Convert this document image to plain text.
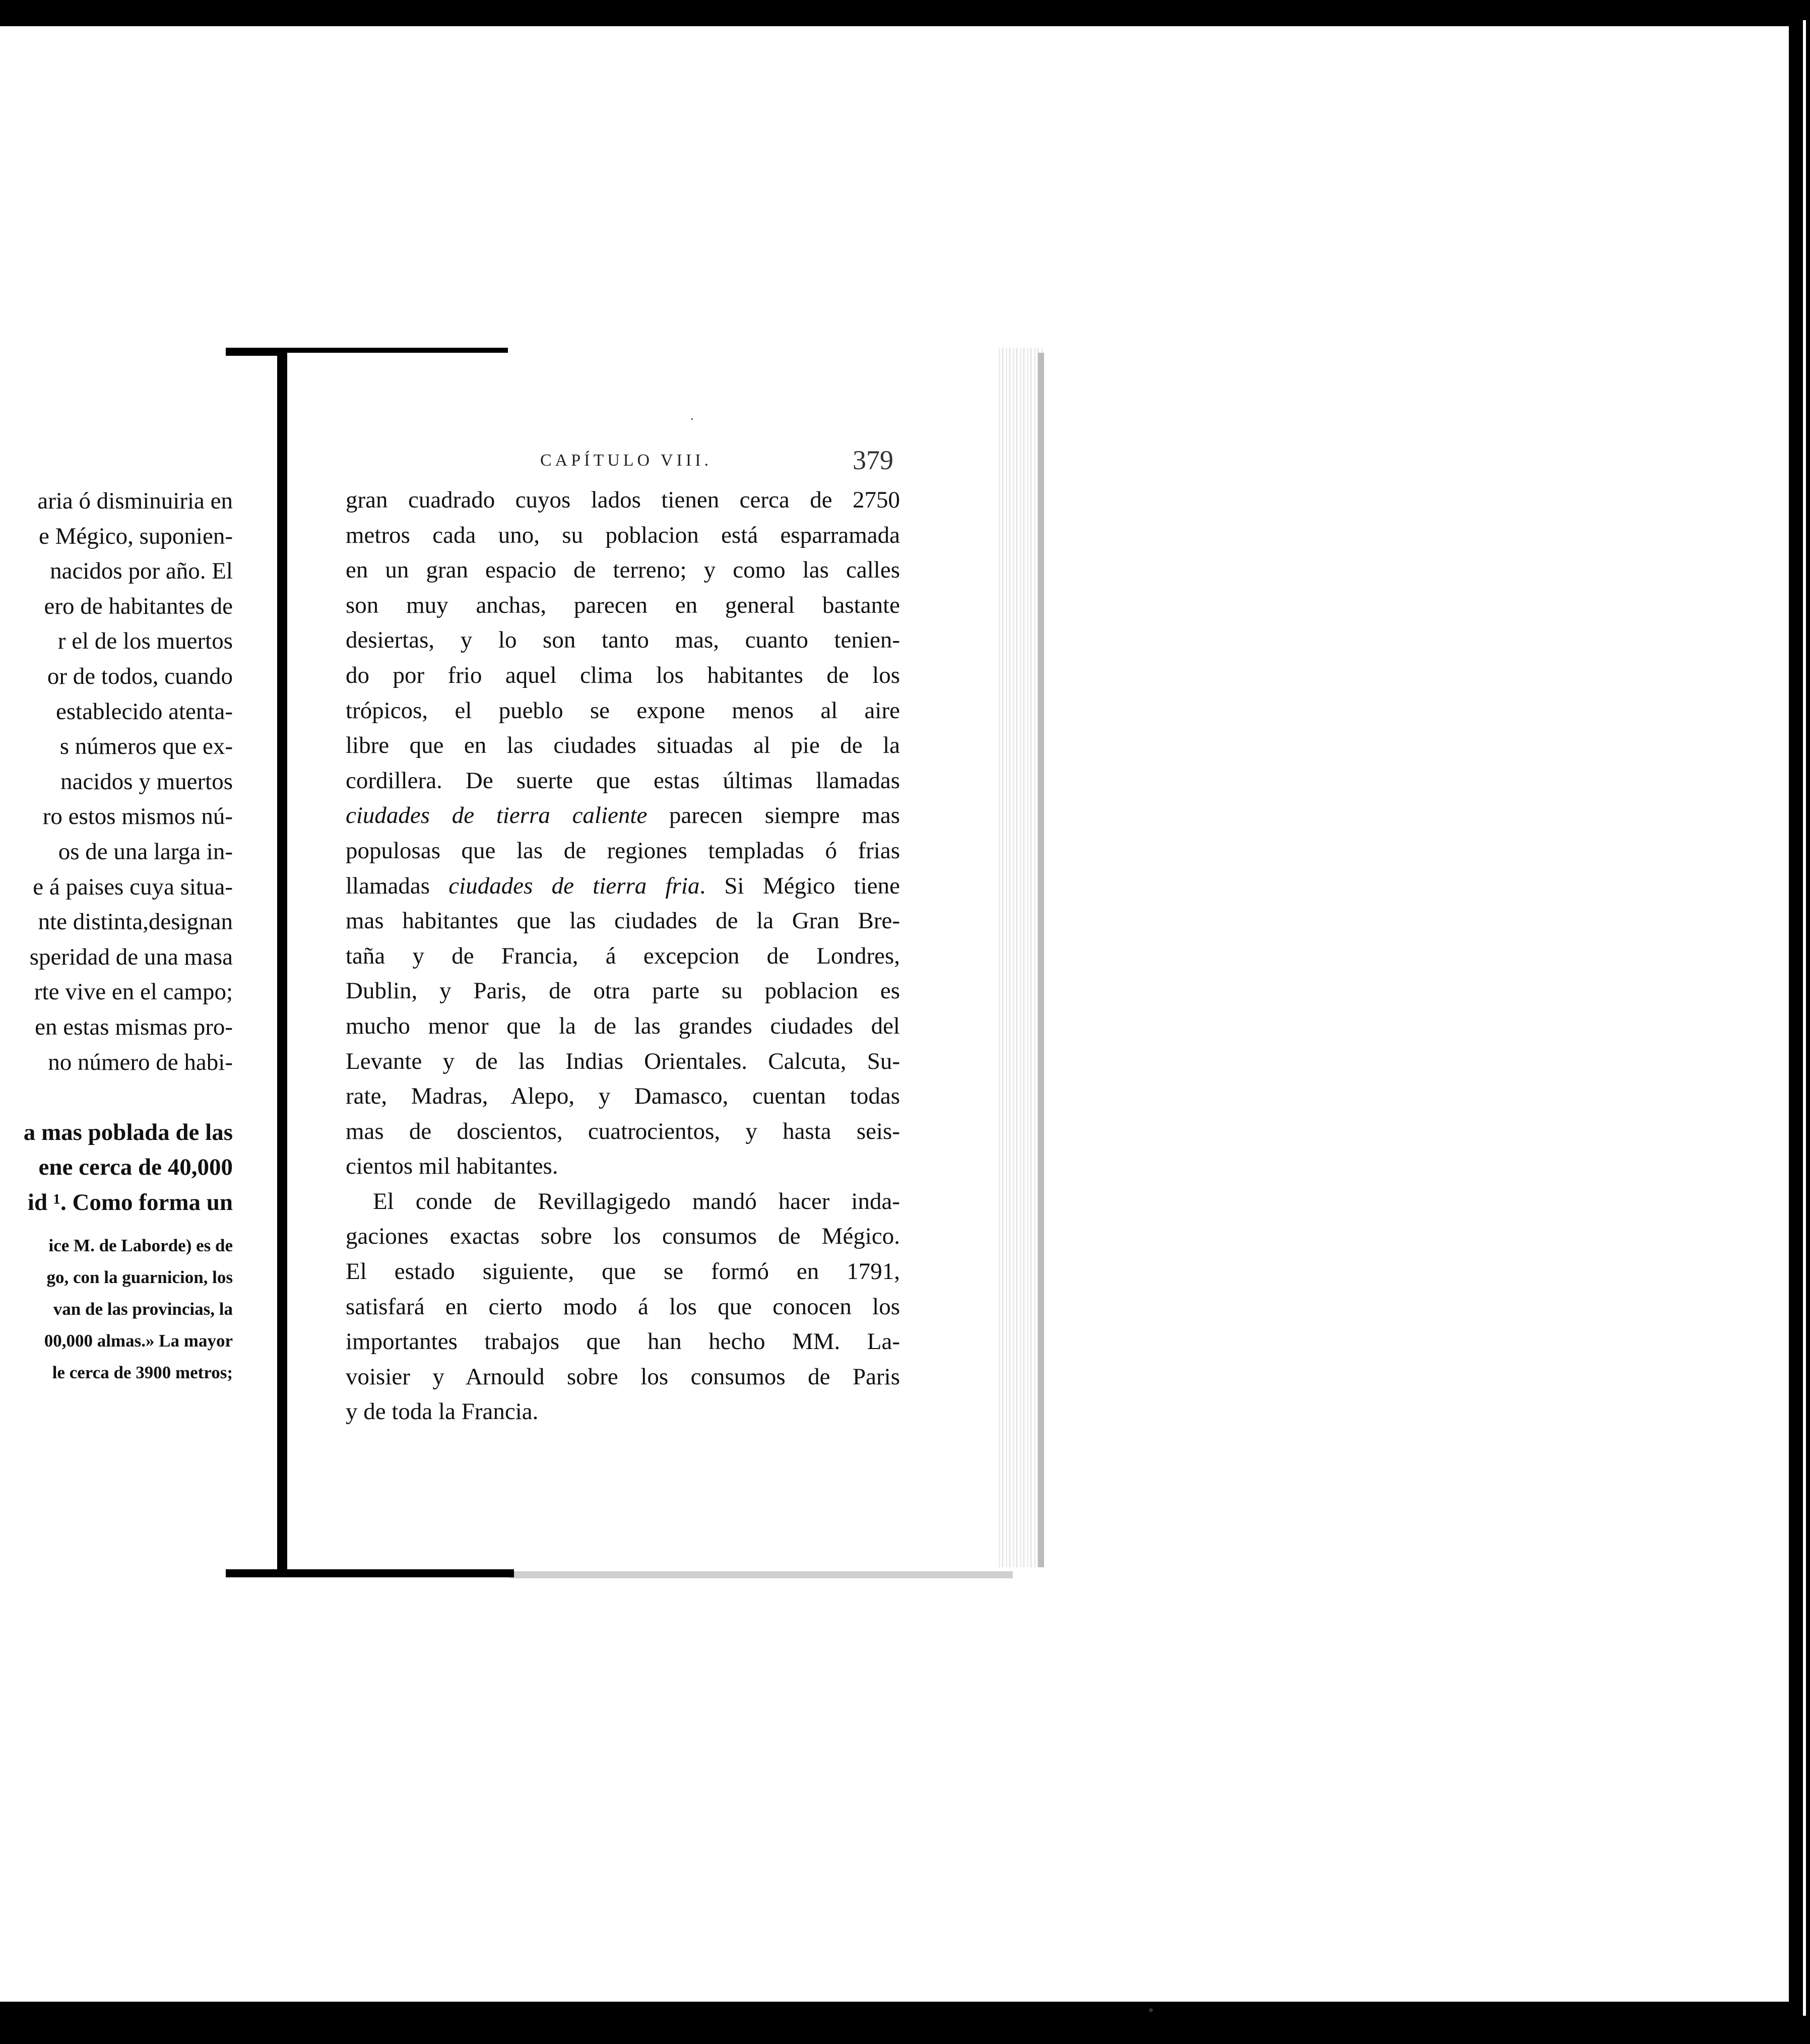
aria ó disminuiria en
e Mégico, suponien-
nacidos por año. El
ero de habitantes de
r el de los muertos
or de todos, cuando
establecido atenta-
s números que ex-
nacidos y muertos
ro estos mismos nú-
os de una larga in-
e á paises cuya situa-
nte distinta,designan
speridad de una masa
rte vive en el campo;
en estas mismas pro-
no número de habi-

a mas poblada de las
ene cerca de 40,000
id ¹. Como forma un
ice M. de Laborde) es de
go, con la guarnicion, los
van de las provincias, la
00,000 almas.» La mayor
le cerca de 3900 metros;
CAPÍTULO VIII.	379
gran cuadrado cuyos lados tienen cerca de 2750
metros cada uno, su poblacion está esparramada
en un gran espacio de terreno; y como las calles
son muy anchas, parecen en general bastante
desiertas, y lo son tanto mas, cuanto tenien-
do por frio aquel clima los habitantes de los
trópicos, el pueblo se expone menos al aire
libre que en las ciudades situadas al pie de la
cordillera. De suerte que estas últimas llamadas
ciudades de tierra caliente parecen siempre mas
populosas que las de regiones templadas ó frias
llamadas ciudades de tierra fria. Si Mégico tiene
mas habitantes que las ciudades de la Gran Bre-
taña y de Francia, á excepcion de Londres,
Dublin, y Paris, de otra parte su poblacion es
mucho menor que la de las grandes ciudades del
Levante y de las Indias Orientales. Calcuta, Su-
rate, Madras, Alepo, y Damasco, cuentan todas
mas de doscientos, cuatrocientos, y hasta seis-
cientos mil habitantes.
El conde de Revillagigedo mandó hacer inda-
gaciones exactas sobre los consumos de Mégico.
El estado siguiente, que se formó en 1791,
satisfará en cierto modo á los que conocen los
importantes trabajos que han hecho MM. La-
voisier y Arnould sobre los consumos de Paris
y de toda la Francia.
